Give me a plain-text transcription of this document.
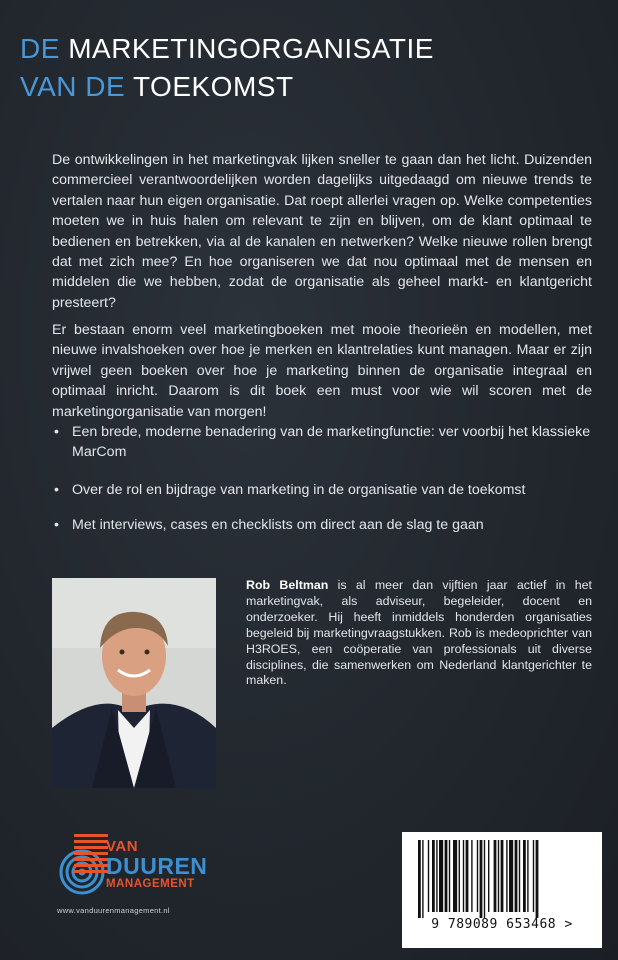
DE MARKETINGORGANISATIE
VAN DE TOEKOMST

De ontwikkelingen in het marketingvak lijken sneller te gaan dan het licht. Duizenden commercieel verantwoordelijken worden dagelijks uitgedaagd om nieuwe trends te vertalen naar hun eigen organisatie. Dat roept allerlei vragen op. Welke competenties moeten we in huis halen om relevant te zijn en blijven, om de klant optimaal te bedienen en betrekken, via al de kanalen en netwerken? Welke nieuwe rollen brengt dat met zich mee? En hoe organiseren we dat nou optimaal met de mensen en middelen die we hebben, zodat de organisatie als geheel markt- en klantgericht presteert?

Er bestaan enorm veel marketingboeken met mooie theorieën en modellen, met nieuwe invalshoeken over hoe je merken en klantrelaties kunt managen. Maar er zijn vrijwel geen boeken over hoe je marketing binnen de organisatie integraal en optimaal inricht. Daarom is dit boek een must voor wie wil scoren met de marketingorganisatie van morgen!

• Een brede, moderne benadering van de marketingfunctie: ver voorbij het klassieke MarCom
• Over de rol en bijdrage van marketing in de organisatie van de toekomst
• Met interviews, cases en checklists om direct aan de slag te gaan
Rob Beltman is al meer dan vijftien jaar actief in het marketingvak, als adviseur, begeleider, docent en onderzoeker. Hij heeft inmiddels honderden organisaties begeleid bij marketingvraagstukken. Rob is medeoprichter van H3ROES, een coöperatie van professionals uit diverse disciplines, die samenwerken om Nederland klantgerichter te maken.
VAN
DUUREN
MANAGEMENT
www.vanduurenmanagement.nl
9 789089 653468 >
